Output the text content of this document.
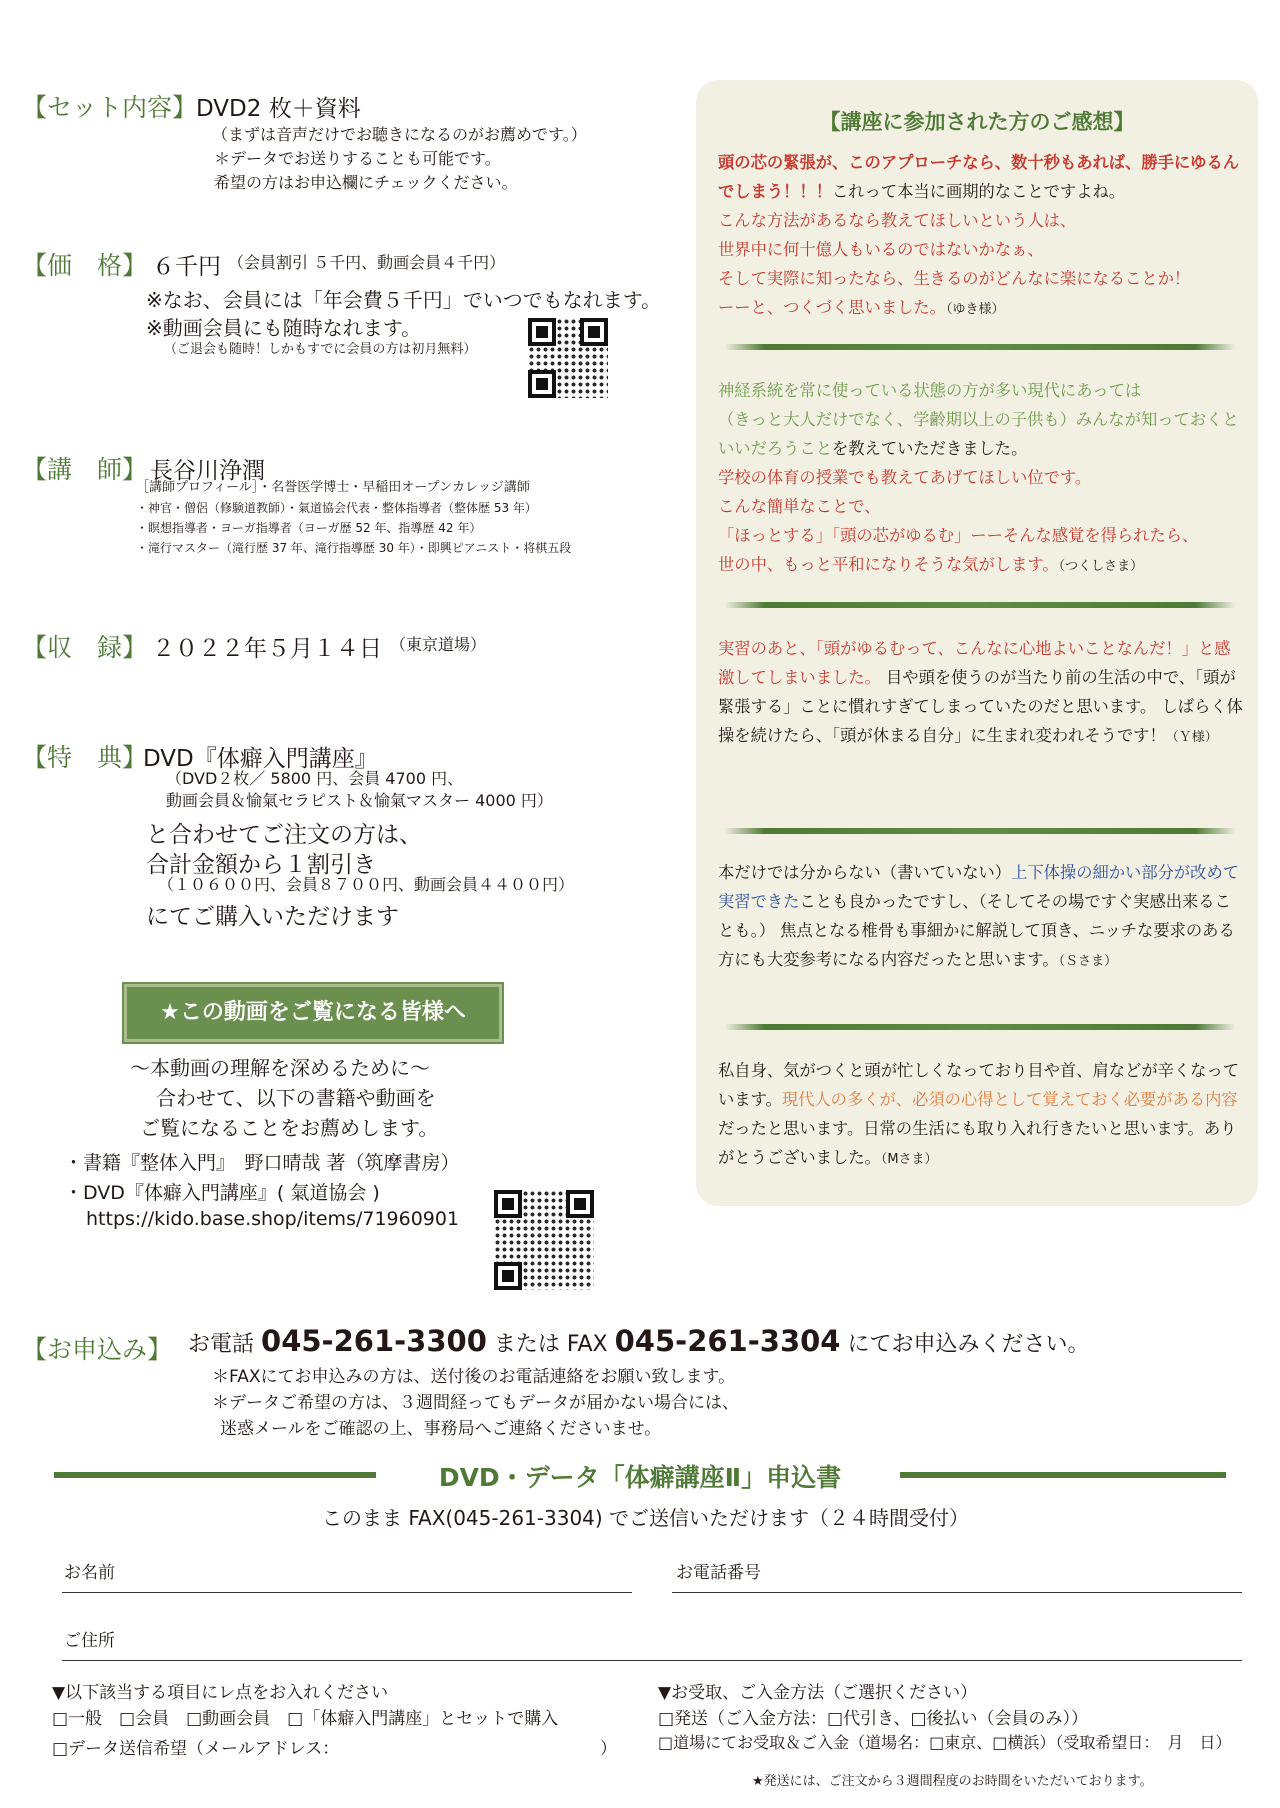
【セット内容】
DVD2 枚＋資料
（まずは音声だけでお聴きになるのがお薦めです。）
＊データでお送りすることも可能です。
希望の方はお申込欄にチェックください。
【価　格】 ６千円 （会員割引 ５千円、動画会員４千円）
※なお、会員には「年会費５千円」でいつでもなれます。
※動画会員にも随時なれます。
（ご退会も随時！しかもすでに会員の方は初月無料）
【講　師】 長谷川浄潤
［講師プロフィール］・名誉医学博士・早稲田オープンカレッジ講師
・神官・僧侶（修験道教師）・氣道協会代表・整体指導者（整体歴 53 年）
・瞑想指導者・ヨーガ指導者（ヨーガ歴 52 年、指導歴 42 年）
・滝行マスター（滝行歴 37 年、滝行指導歴 30 年）・即興ピアニスト・将棋五段
【収　録】 ２０２２年５月１４日 （東京道場）
【特　典】
DVD『体癖入門講座』
（DVD２枚／ 5800 円、会員 4700 円、
動画会員＆愉氣セラピスト＆愉氣マスター 4000 円）
と合わせてご注文の方は、
合計金額から１割引き
（１０６００円、会員８７００円、動画会員４４００円）
にてご購入いただけます
★この動画をご覧になる皆様へ
〜本動画の理解を深めるために〜
合わせて、以下の書籍や動画を
ご覧になることをお薦めします。
・書籍『整体入門』　野口晴哉 著（筑摩書房）
・DVD『体癖入門講座』( 氣道協会 )
https://kido.base.shop/items/71960901
【講座に参加された方のご感想】
頭の芯の緊張が、このアプローチなら、数十秒もあれば、勝手にゆるんでしまう！！！これって本当に画期的なことですよね。
こんな方法があるなら教えてほしいという人は、
世界中に何十億人もいるのではないかなぁ、
そして実際に知ったなら、生きるのがどんなに楽になることか！
ーーと、つくづく思いました。（ゆき様）
神経系統を常に使っている状態の方が多い現代にあっては
（きっと大人だけでなく、学齢期以上の子供も）みんなが知っておくといいだろうことを教えていただきました。
学校の体育の授業でも教えてあげてほしい位です。
こんな簡単なことで、
「ほっとする」「頭の芯がゆるむ」ーーそんな感覚を得られたら、
世の中、もっと平和になりそうな気がします。（つくしさま）
実習のあと、「頭がゆるむって、こんなに心地よいことなんだ！」と感激してしまいました。 目や頭を使うのが当たり前の生活の中で、「頭が緊張する」ことに慣れすぎてしまっていたのだと思います。 しばらく体操を続けたら、「頭が休まる自分」に生まれ変われそうです！（Ｙ様）
本だけでは分からない（書いていない）上下体操の細かい部分が改めて実習できたことも良かったですし、（そしてその場ですぐ実感出来ることも。） 焦点となる椎骨も事細かに解説して頂き、ニッチな要求のある方にも大変参考になる内容だったと思います。（Ｓさま）
私自身、気がつくと頭が忙しくなっており目や首、肩などが辛くなっています。現代人の多くが、必須の心得として覚えておく必要がある内容だったと思います。日常の生活にも取り入れ行きたいと思います。ありがとうございました。（Mさま）
【お申込み】 お電話 045-261-3300 または FAX 045-261-3304 にてお申込みください。
＊FAXにてお申込みの方は、送付後のお電話連絡をお願い致します。
＊データご希望の方は、３週間経ってもデータが届かない場合には、
迷惑メールをご確認の上、事務局へご連絡くださいませ。
DVD・データ「体癖講座Ⅱ」申込書
このまま FAX(045-261-3304) でご送信いただけます（２４時間受付）
お名前	お電話番号
ご住所
▼以下該当する項目にレ点をお入れください
□一般　□会員　□動画会員　□「体癖入門講座」とセットで購入
□データ送信希望（メールアドレス：	）
▼お受取、ご入金方法（ご選択ください）
□発送（ご入金方法：□代引き、□後払い（会員のみ））
□道場にてお受取＆ご入金（道場名：□東京、□横浜）（受取希望日：　月　日）
★発送には、ご注文から３週間程度のお時間をいただいております。
